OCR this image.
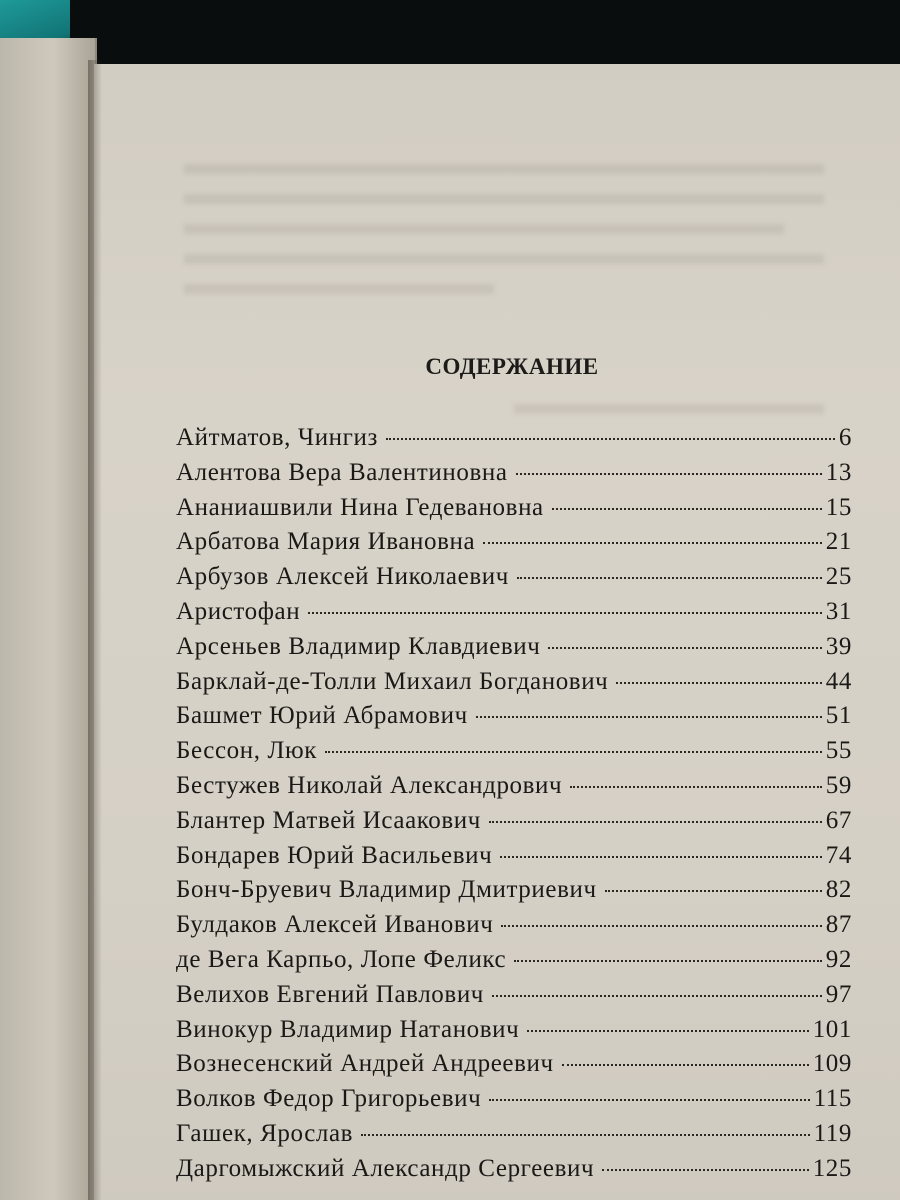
СОДЕРЖАНИЕ
Айтматов, Чингиз	6
Алентова Вера Валентиновна	13
Ананиашвили Нина Гедевановна	15
Арбатова Мария Ивановна	21
Арбузов Алексей Николаевич	25
Аристофан	31
Арсеньев Владимир Клавдиевич	39
Барклай-де-Толли Михаил Богданович	44
Башмет Юрий Абрамович	51
Бессон, Люк	55
Бестужев Николай Александрович	59
Блантер Матвей Исаакович	67
Бондарев Юрий Васильевич	74
Бонч-Бруевич Владимир Дмитриевич	82
Булдаков Алексей Иванович	87
де Вега Карпьо, Лопе Феликс	92
Велихов Евгений Павлович	97
Винокур Владимир Натанович	101
Вознесенский Андрей Андреевич	109
Волков Федор Григорьевич	115
Гашек, Ярослав	119
Даргомыжский Александр Сергеевич	125
